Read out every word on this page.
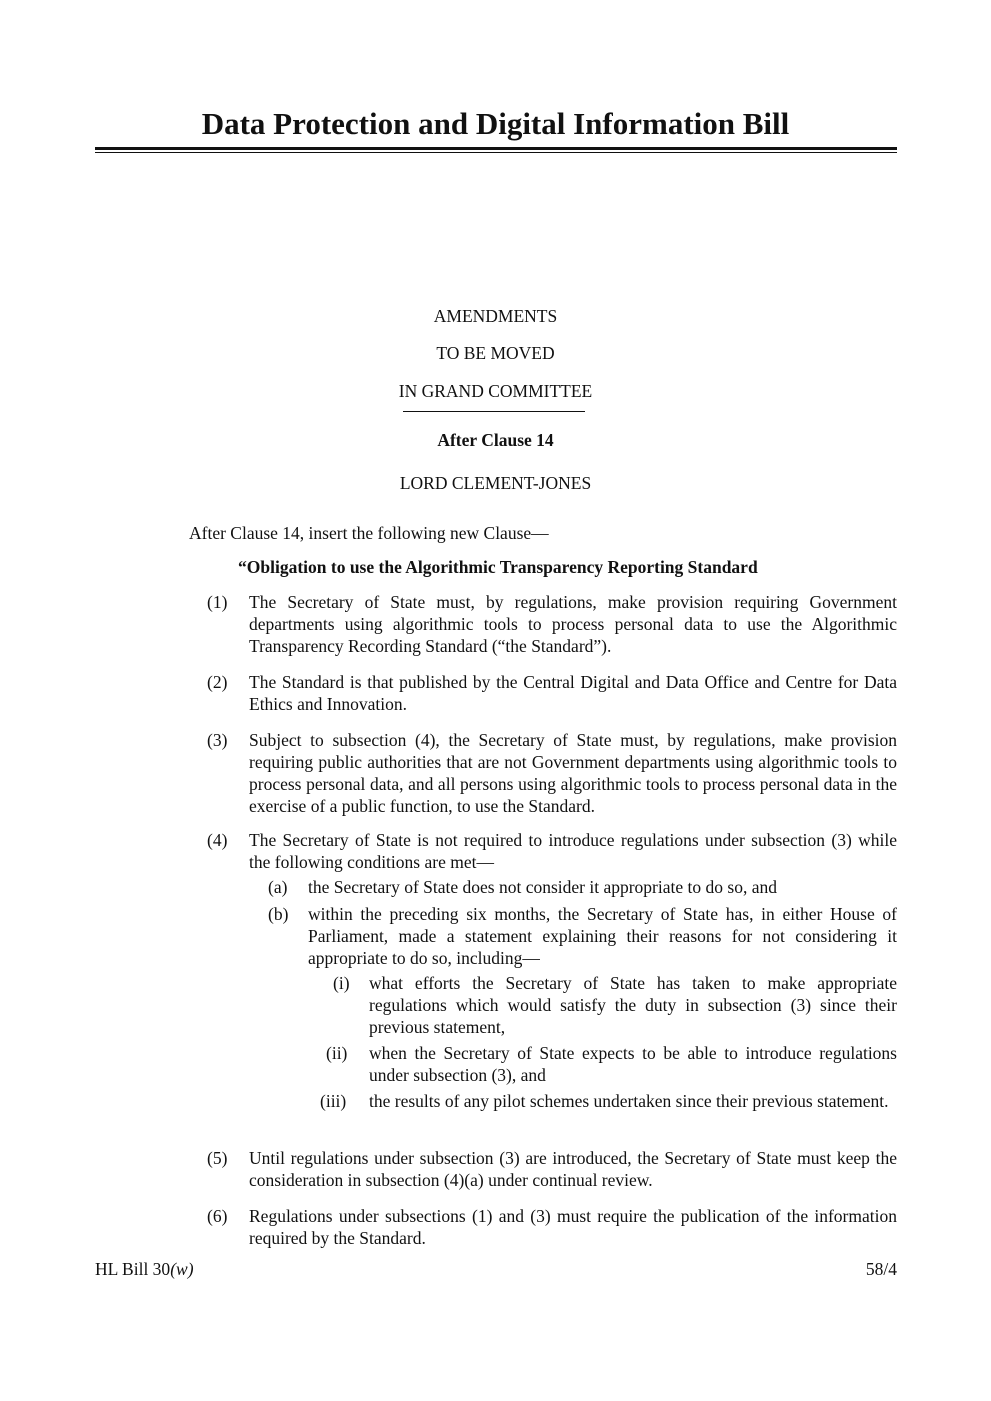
Data Protection and Digital Information Bill
AMENDMENTS
TO BE MOVED
IN GRAND COMMITTEE
After Clause 14
LORD CLEMENT-JONES
After Clause 14, insert the following new Clause—
“Obligation to use the Algorithmic Transparency Reporting Standard
(1) The Secretary of State must, by regulations, make provision requiring Government departments using algorithmic tools to process personal data to use the Algorithmic Transparency Recording Standard (“the Standard”).
(2) The Standard is that published by the Central Digital and Data Office and Centre for Data Ethics and Innovation.
(3) Subject to subsection (4), the Secretary of State must, by regulations, make provision requiring public authorities that are not Government departments using algorithmic tools to process personal data, and all persons using algorithmic tools to process personal data in the exercise of a public function, to use the Standard.
(4) The Secretary of State is not required to introduce regulations under subsection (3) while the following conditions are met—
(a) the Secretary of State does not consider it appropriate to do so, and
(b) within the preceding six months, the Secretary of State has, in either House of Parliament, made a statement explaining their reasons for not considering it appropriate to do so, including—
(i) what efforts the Secretary of State has taken to make appropriate regulations which would satisfy the duty in subsection (3) since their previous statement,
(ii) when the Secretary of State expects to be able to introduce regulations under subsection (3), and
(iii) the results of any pilot schemes undertaken since their previous statement.
(5) Until regulations under subsection (3) are introduced, the Secretary of State must keep the consideration in subsection (4)(a) under continual review.
(6) Regulations under subsections (1) and (3) must require the publication of the information required by the Standard.
HL Bill 30(w)	58/4
